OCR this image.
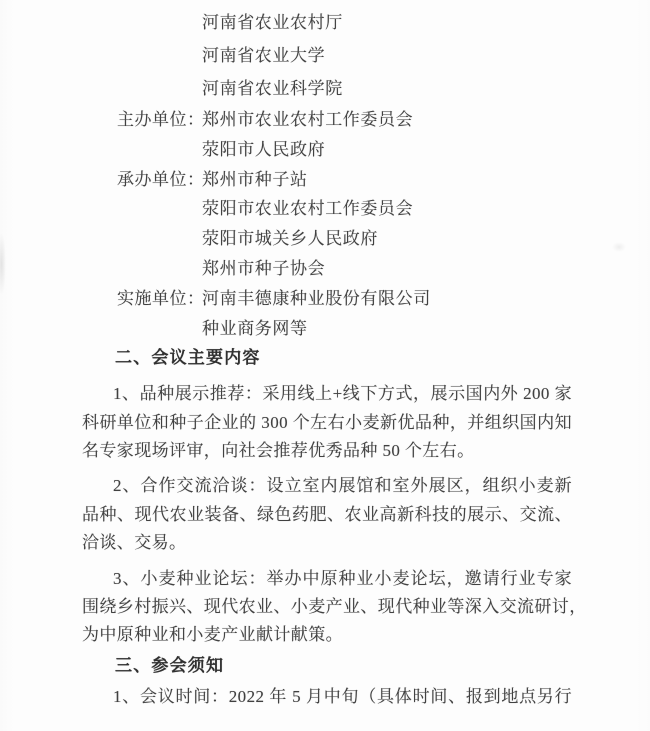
河南省农业农村厅
河南省农业大学
河南省农业科学院
主办单位：
郑州市农业农村工作委员会
荥阳市人民政府
承办单位：
郑州市种子站
荥阳市农业农村工作委员会
荥阳市城关乡人民政府
郑州市种子协会
实施单位：
河南丰德康种业股份有限公司
种业商务网等
二、会议主要内容
1、品种展示推荐：采用线上+线下方式，展示国内外 200 家
科研单位和种子企业的 300 个左右小麦新优品种，并组织国内知
名专家现场评审，向社会推荐优秀品种 50 个左右。
2、合作交流洽谈：设立室内展馆和室外展区，组织小麦新
品种、现代农业装备、绿色药肥、农业高新科技的展示、交流、
洽谈、交易。
3、小麦种业论坛：举办中原种业小麦论坛，邀请行业专家
围绕乡村振兴、现代农业、小麦产业、现代种业等深入交流研讨，
为中原种业和小麦产业献计献策。
三、参会须知
1、会议时间：2022 年 5 月中旬（具体时间、报到地点另行
